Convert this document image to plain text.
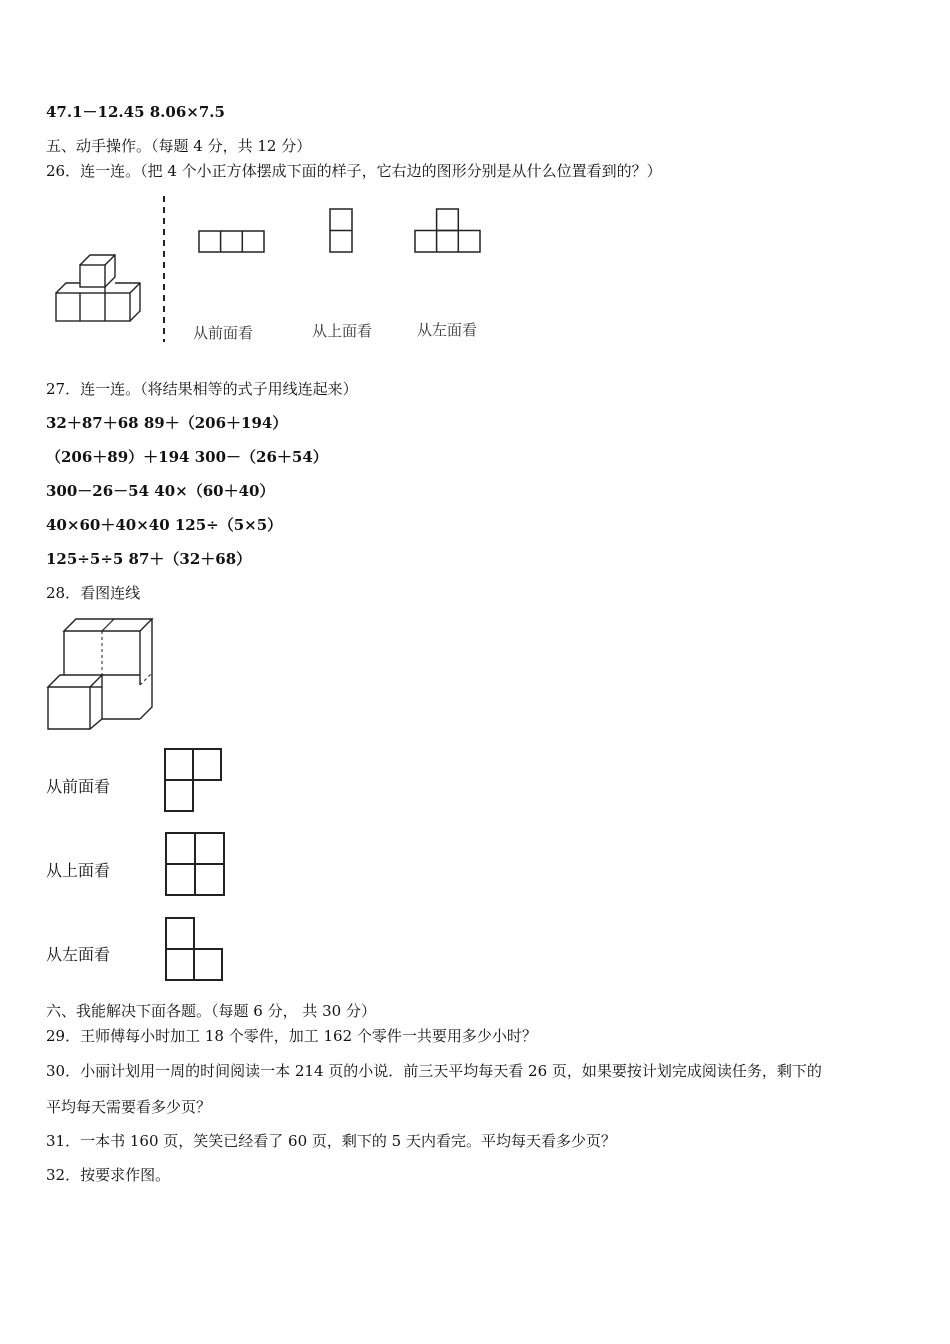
47.1－12.45 8.06×7.5
五、动手操作。（每题 4 分，共 12 分）
26．连一连。（把 4 个小正方体摆成下面的样子，它右边的图形分别是从什么位置看到的？）
从前面看	从上面看	从左面看
27．连一连。（将结果相等的式子用线连起来）
32＋87＋68 89＋（206＋194）
（206＋89）＋194 300－（26＋54）
300－26－54 40×（60＋40）
40×60＋40×40 125÷（5×5）
125÷5÷5 87＋（32＋68）
28．看图连线
从前面看
从上面看
从左面看
六、我能解决下面各题。（每题 6 分， 共 30 分）
29．王师傅每小时加工 18 个零件，加工 162 个零件一共要用多少小时？
30．小丽计划用一周的时间阅读一本 214 页的小说．前三天平均每天看 26 页，如果要按计划完成阅读任务，剩下的
平均每天需要看多少页？
31．一本书 160 页，笑笑已经看了 60 页，剩下的 5 天内看完。平均每天看多少页？
32．按要求作图。
